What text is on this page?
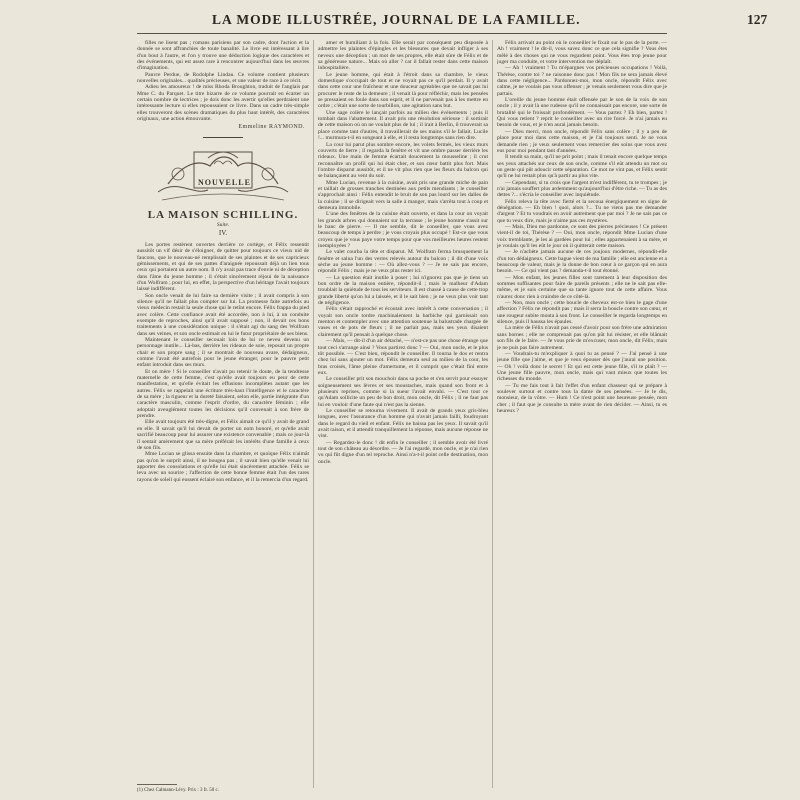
LA MODE ILLUSTRÉE, JOURNAL DE LA FAMILLE.	127

filles ne lisent pas ; romans parisiens par son cadre, dont l'action et la donnée se sont affranchies de toute banalité. Le livre est intéressant à lire d'un bout à l'autre, et l'on y trouve une déduction logique des caractères et des événements, qui est assez rare à rencontrer aujourd'hui dans les œuvres d'imagination.

Pauvre Perdue, de Rodolphe Lindau. Ce volume contient plusieurs nouvelles originales... qualités précieuses, et une valeur de race à ce récit.

Adieu les amoureux ! de miss Rhoda Broughton, traduit de l'anglais par Mme C. du Parquet. Le titre bizarre de ce volume pourrait en écarter un certain nombre de lectrices ; je dois donc les avertir qu'elles perdraient une intéressante lecture si elles repoussaient ce livre. Dans un cadre très-simple elles trouveront des scènes dramatiques du plus haut intérêt, des caractères originaux, une action émouvante.

Emmeline RAYMOND.
NOUVELLE
LA MAISON SCHILLING.
Suite.
IV.

Les portes restèrent ouvertes derrière ce cortège, et Félix ressentit aussitôt un vif désir de s'éloigner, de quitter pour toujours ce vieux nid de faucons, que le nouveau-né remplissait de ses plaintes et de ses capricieux gémissements, et qui de ses pattes d'araignée repoussait déjà un lien tous ceux qui portaient un autre nom. Il n'y avait pas trace d'envie ni de déception dans l'âme du jeune homme ; il s'était sincèrement réjoui de la naissance d'un Wolfram ; pour lui, en effet, la perspective d'un héritage l'avait toujours laissé indifférent.

Son oncle venait de lui faire sa dernière visite ; il avait compris à son silence qu'il ne fallait plus compter sur lui. La promesse faite autrefois au vieux médecin restait la seule chose qui le retînt encore. Félix frappa du pied avec colère. Cette confiance avait été accordée, non à lui, à un conduite exempte de reproches, ainsi qu'il avait supposé ; non, il devait ces bons traitements à une considération unique : il s'était agi du sang des Wolfram dans ses veines, et son oncle estimait en lui le futur propriétaire de ses biens.

Maintenant le conseiller secouait loin de lui ce neveu devenu un personnage inutile... Là-bas, derrière les rideaux de soie, reposait un propre chair et son propre sang ; il se montrait de nouveau avare, dédaigneux, comme l'avait été autrefois pour le jeune étranger, pour le pauvre petit enfant introduit dans ses murs.

Et on mère ! Si le conseiller n'avait pu retenir le doute, de la tendresse maternelle de cette femme, c'est qu'elle avait toujours eu peur de cette manifestation, et qu'elle évitait les effusions incomplètes autant que les autres. Félix se rappelait une écriture très-haut l'intelligence et le caractère de sa mère ; la rigueur et la dureté faisaient, selon elle, partie intégrante d'un caractère masculin, comme l'esprit d'ordre, du caractère féminin ; elle adoptait aveuglément toutes les décisions qu'il convenait à son frère de prendre.

Elle avait toujours été très-digne, et Félix aimait ce qu'il y avait de grand en elle. Il savait qu'il lui devait de porter un nom honoré, et qu'elle avait sacrifié beaucoup pour lui assurer une existence convenable ; mais ce jour-là il sentait amèrement que sa mère préférait les intérêts d'une famille à ceux de son fils.

Mme Lucian se glissa ensuite dans la chambre, et quoique Félix n'aimât pas qu'on le surprît ainsi, il ne bougea pas ; il savait bien qu'elle venait lui apporter des consolations et qu'elle lui était sincèrement attachée. Félix se leva avec un sourire ; l'affection de cette bonne femme était l'un des rares rayons de soleil qui eussent éclairé son enfance, et il la remercia d'un regard.

amer et humiliant à la fois. Elle serait par conséquent peu disposée à admettre les plaintes d'épingles et les blessures que devait infliger à ses neveux une déception ; un mot de ses propres, elle était sûre de Félix et de sa généreuse nature... Mais où aller ? car il fallait rester dans cette maison inhospitalière.

Le jeune homme, qui était à l'étroit dans sa chambre, le vieux domestique s'occupait de tout et ne voyait pas ce qu'il perdait. Il y avait dans cette cour une fraîcheur et une douceur agréables que ne savait pas lui procurer le reste de la demeure ; il venait là pour réfléchir, mais les pensées se pressaient en foule dans son esprit, et il ne parvenait pas à les mettre en ordre ; c'était une sorte de tourbillon, une agitation sans but.

Une sage colère le lançait parfois au milieu des événements ; puis il tombait dans l'abattement. Il avait pris une résolution sérieuse : il sortirait de cette maison où on ne voulait plus de lui ; il irait à Berlin, il trouverait sa place comme tant d'autres, il travaillerait de ses mains s'il le fallait. Lucile !... murmura-t-il en songeant à elle, et il resta longtemps sans rien dire.

La cour lui parut plus sombre encore, les volets fermés, les vieux murs couverts de lierre ; il regarda la fenêtre et vit une ombre passer derrière les rideaux. Une main de femme écartait doucement la mousseline ; il crut reconnaître un profil qui lui était cher, et son cœur battit plus fort. Mais l'ombre disparut aussitôt, et il ne vit plus rien que les fleurs du balcon qui se balançaient au vent du soir.

Mme Lucian, revenue à la cuisine, avait pris une grande miche de pain et taillait de grosses tranches destinées aux petits mendiants ; le conseiller s'approchait ainsi : Félix entendit le bruit de son pas lourd sur les dalles de la cuisine ; il se dirigeait vers la salle à manger, mais s'arrêta tout à coup et demeura immobile.

L'une des fenêtres de la cuisine était ouverte, et dans la cour on voyait les grands arbres qui donnaient sur la terrasse ; le jeune homme s'assit sur le banc de pierre. — Il me semble, dit le conseiller, que vous avez beaucoup de temps à perdre ; je vous croyais plus occupé ! Est-ce que vous croyez que je vous paye votre temps pour que vos meilleures heures restent inemployées ?

Le valet courba la tête et disparut. M. Wolfram ferma brusquement la fenêtre et salua l'un des verres relevés autour du balcon ; il dit d'une voix sèche au jeune homme : — Où allez-vous ? — Je ne sais pas encore, répondit Félix ; mais je ne veux plus rester ici.

— La question était inutile à poser ; lui n'ignorez pas que je tiens un bon ordre de la maison entière, répondit-il ; mais le malheur d'Adam troublait la quiétude de tous les serviteurs. Il est chassé à cause de cette trop grande liberté qu'on lui a laissée, et il le sait bien ; je ne veux plus voir tant de négligence.

Félix s'était rapproché et écoutait avec intérêt à cette conversation ; il voyait son oncle tordre machinalement la barbiche qui garnissait son menton et contempler avec une attention soutenue la balustrade chargée de vases et de pots de fleurs ; il ne parlait pas, mais ses yeux disaient clairement qu'il pensait à quelque chose.

— Mais, — dit-il d'un air détaché, — n'est-ce pas une chose étrange que tout ceci s'arrange ainsi ? Vous partirez donc ? — Oui, mon oncle, et le plus tôt possible. — C'est bien, répondit le conseiller. Il tourna le dos et rentra chez lui sans ajouter un mot. Félix demeura seul au milieu de la cour, les bras croisés, l'âme pleine d'amertume, et il comprit que c'était fini entre eux.

Le conseiller prit son mouchoir dans sa poche et s'en servit pour essuyer soigneusement ses lèvres et ses moustaches, mais quand son front et à plusieurs reprises, comme si la sueur l'avait envahi. — C'est tout ce qu'Adam sollicite un peu de bon droit, mon oncle, dit Félix ; il ne faut pas lui en vouloir d'une faute qui n'est pas la sienne.

Le conseiller se retourna vivement. Il avait de grands yeux gris-bleu longues, avec l'assurance d'un homme qui n'avait jamais failli, foudroyant dans le regard du vieil et enfant. Félix ne baissa pas les yeux. Il savait qu'il avait raison, et il attendit tranquillement la réponse, mais aucune réponse ne vint.

— Regardez-le donc ! dit enfin le conseiller ; il semble avoir été livré tout de son château au désordre. — Je l'ai regardé, mon oncle, et je n'ai rien vu qui fût digne d'un tel reproche. Ainsi n'a-t-il point celle destination, mon oncle.

Félix arrivait au point où le conseiller le fixait sur le pas de la porte. — Ah ! vraiment ! le dit-il, vous savez donc ce que cela signifie ? Vous êtes mêlé à des choses qui ne vous regardent point. Vous êtes trop jeune pour juger ma conduite, et votre intervention me déplaît.

— Ah ! vraiment ! Tu m'épargnes vos précieuses occupations ! Voilà, Thérèse, contre toi ? ne raisonne donc pas ! Mon fils ne sera jamais élevé dans cette négligence... Pardonnez-moi, mon oncle, répondit Félix avec calme, je ne voulais pas vous offenser ; je venais seulement vous dire que je partais.

L'oreille du jeune homme était offensée par le son de la voix de son oncle ; il y avait là une rudesse qu'il ne connaissait pas encore, une sorte de brutalité qui le froissait profondément. — Vous partez ? Eh bien, partez ! Qui vous retient ? reprit le conseiller avec un rire forcé. Je n'ai jamais eu besoin de vous, et je n'en aurai jamais besoin.

— Dieu merci, mon oncle, répondit Félix sans colère ; il y a peu de place pour moi dans cette maison, et je l'ai toujours senti. Je ne vous demande rien ; je veux seulement vous remercier des soins que vous avez eus pour moi pendant tant d'années.

Il tendit sa main, qu'il ne prit point ; mais il tenait encore quelque temps ses yeux attachés sur ceux de son oncle, comme s'il eût attendu un mot ou un geste qui pût adoucir cette séparation. Ce mot ne vint pas, et Félix sentit qu'il ne lui restait plus qu'à partir au plus vite.

— Cependant, si tu crois que l'argent m'est indifférent, tu te trompes ; je n'ai jamais souffert plus ardemment qu'aujourd'hui d'être riche. — Tu as des dettes ?... s'écria le conseiller avec inquiétude.

Félix releva la tête avec fierté et la secoua énergiquement en signe de dénégation. — Eh bien ! quoi, alors ?... Tu ne viens pas me demander d'argent ? Et tu voudrais en avoir autrement que par moi ? Je ne sais pas ce que tu veux dire, mais je n'aime pas ces mystères.

— Mais, Dieu me pardonne, ce sont des pierres précieuses ! Ce présent vient-il de toi, Thérèse ? — Oui, mon oncle, répondit Mme Lucian d'une voix tremblante, je les ai gardées pour lui ; elles appartenaient à sa mère, et je voulais qu'il les eût le jour où il quitterait cette maison.

— Je n'achète jamais aucune de ces joujoux modernes, répondit-elle d'un ton dédaigneux. Cette bague vient de ma famille ; elle est ancienne et a beaucoup de valeur, mais je la donne de bon cœur à ce garçon qui en aura besoin. — Ce qui vient pas ? demanda-t-il tout étonné.

— Mon enfant, les jeunes filles sont rarement à leur disposition des sommes suffisantes pour faire de pareils présents ; elle ne le sait pas elle-même, et je suis certaine que sa tante ignore tout de cette affaire. Vous n'aurez donc rien à craindre de ce côté-là.

— Non, mon oncle ; cette boucle de cheveux est-ce bien le gage d'une affection ? Félix ne répondit pas ; mais il serra la boucle contre son cœur, et une rougeur subite monta à son front. Le conseiller le regarda longtemps en silence, puis il haussa les épaules.

La mère de Félix n'avait pas cessé d'avoir pour son frère une admiration sans bornes ; elle ne comprenait pas qu'on pût lui résister, et elle blâmait son fils de le faire. — Je vous prie de m'excuser, mon oncle, dit Félix, mais je ne puis pas faire autrement.

— Voudrais-tu m'expliquer à quoi tu as pensé ? — J'ai pensé à une jeune fille que j'aime, et que je veux épouser dès que j'aurai une position. — Oh ! voilà donc le secret ! Et qui est cette jeune fille, s'il te plaît ? — Une jeune fille pauvre, mon oncle, mais qui vaut mieux que toutes les richesses du monde.

— Tu me fais tout à fait l'effet d'un enfant chasseur qui se prépare à soulever surtout et contre tous la dame de ses pensées. — Je le dis, monsieur, de la vôtre. — Hum ! Ce n'est point une heureuse pensée, mon cher ; il faut que je consulte ta mère avant de rien décider. — Ainsi, tu es heureux ?

(1) Chez Calmann-Lévy. Prix : 3 fr. 50 c.
